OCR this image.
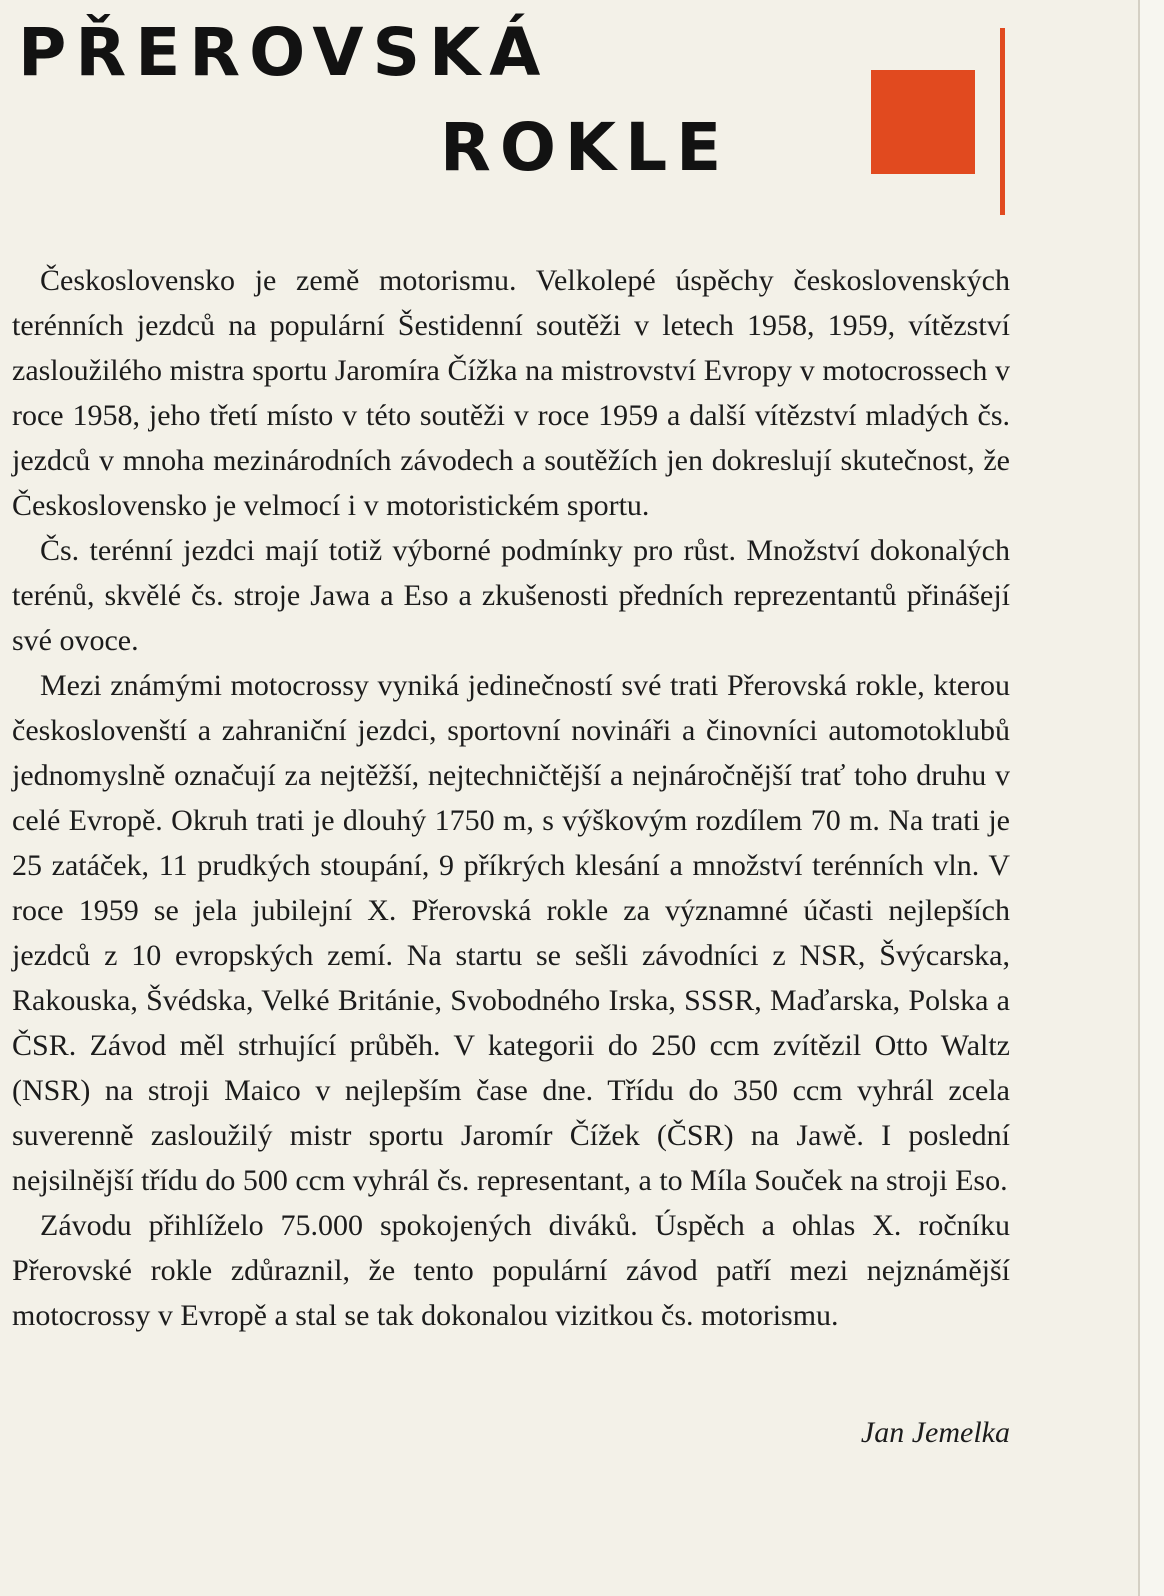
PŘEROVSKÁ
ROKLE

Československo je země motorismu. Velkolepé úspěchy československých terénních jezdců na populární Šestidenní soutěži v letech 1958, 1959, vítězství zasloužilého mistra sportu Jaromíra Čížka na mistrovství Evropy v motocrossech v roce 1958, jeho třetí místo v této soutěži v roce 1959 a další vítězství mladých čs. jezdců v mnoha mezinárodních závodech a soutěžích jen dokreslují skutečnost, že Československo je velmocí i v motoristickém sportu.

Čs. terénní jezdci mají totiž výborné podmínky pro růst. Množství dokonalých terénů, skvělé čs. stroje Jawa a Eso a zkušenosti předních reprezentantů přinášejí své ovoce.

Mezi známými motocrossy vyniká jedinečností své trati Přerovská rokle, kterou českoslovenští a zahraniční jezdci, sportovní novináři a činovníci automotoklubů jednomyslně označují za nejtěžší, nejtechničtější a nejnáročnější trať toho druhu v celé Evropě. Okruh trati je dlouhý 1750 m, s výškovým rozdílem 70 m. Na trati je 25 zatáček, 11 prudkých stoupání, 9 příkrých klesání a množství terénních vln. V roce 1959 se jela jubilejní X. Přerovská rokle za významné účasti nejlepších jezdců z 10 evropských zemí. Na startu se sešli závodníci z NSR, Švýcarska, Rakouska, Švédska, Velké Británie, Svobodného Irska, SSSR, Maďarska, Polska a ČSR. Závod měl strhující průběh. V kategorii do 250 ccm zvítězil Otto Waltz (NSR) na stroji Maico v nejlepším čase dne. Třídu do 350 ccm vyhrál zcela suverenně zasloužilý mistr sportu Jaromír Čížek (ČSR) na Jawě. I poslední nejsilnější třídu do 500 ccm vyhrál čs. representant, a to Míla Souček na stroji Eso.

Závodu přihlíželo 75.000 spokojených diváků. Úspěch a ohlas X. ročníku Přerovské rokle zdůraznil, že tento populární závod patří mezi nejznámější motocrossy v Evropě a stal se tak dokonalou vizitkou čs. motorismu.

Jan Jemelka
